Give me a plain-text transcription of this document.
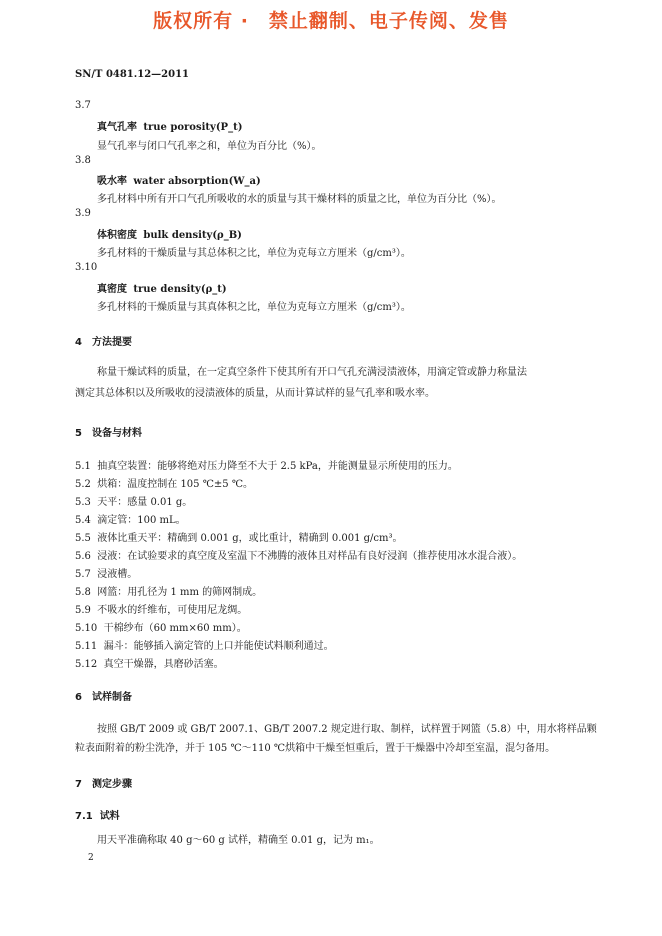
版权所有 ·　禁止翻制、电子传阅、发售
SN/T 0481.12—2011
3.7
真气孔率 true porosity(P_t)
显气孔率与闭口气孔率之和，单位为百分比（%）。
3.8
吸水率 water absorption(W_a)
多孔材料中所有开口气孔所吸收的水的质量与其干燥材料的质量之比，单位为百分比（%）。
3.9
体积密度 bulk density(ρ_B)
多孔材料的干燥质量与其总体积之比，单位为克每立方厘米（g/cm³）。
3.10
真密度 true density(ρ_t)
多孔材料的干燥质量与其真体积之比，单位为克每立方厘米（g/cm³）。
4　方法提要
称量干燥试料的质量，在一定真空条件下使其所有开口气孔充满浸渍液体，用滴定管或静力称量法
测定其总体积以及所吸收的浸渍液体的质量，从而计算试样的显气孔率和吸水率。
5　设备与材料
5.1 抽真空装置：能够将绝对压力降至不大于 2.5 kPa，并能测量显示所使用的压力。
5.2 烘箱：温度控制在 105 ℃±5 ℃。
5.3 天平：感量 0.01 g。
5.4 滴定管：100 mL。
5.5 液体比重天平：精确到 0.001 g，或比重计，精确到 0.001 g/cm³。
5.6 浸液：在试验要求的真空度及室温下不沸腾的液体且对样品有良好浸润（推荐使用冰水混合液）。
5.7 浸液槽。
5.8 网篮：用孔径为 1 mm 的筛网制成。
5.9 不吸水的纤维布，可使用尼龙绸。
5.10 干棉纱布（60 mm×60 mm）。
5.11 漏斗：能够插入滴定管的上口并能使试料顺利通过。
5.12 真空干燥器，具磨砂活塞。
6　试样制备
按照 GB/T 2009 或 GB/T 2007.1、GB/T 2007.2 规定进行取、制样，试样置于网篮（5.8）中，用水将样品颗
粒表面附着的粉尘洗净，并于 105 ℃～110 ℃烘箱中干燥至恒重后，置于干燥器中冷却至室温，混匀备用。
7　测定步骤
7.1 试料
用天平准确称取 40 g～60 g 试样，精确至 0.01 g，记为 m₁。
2
